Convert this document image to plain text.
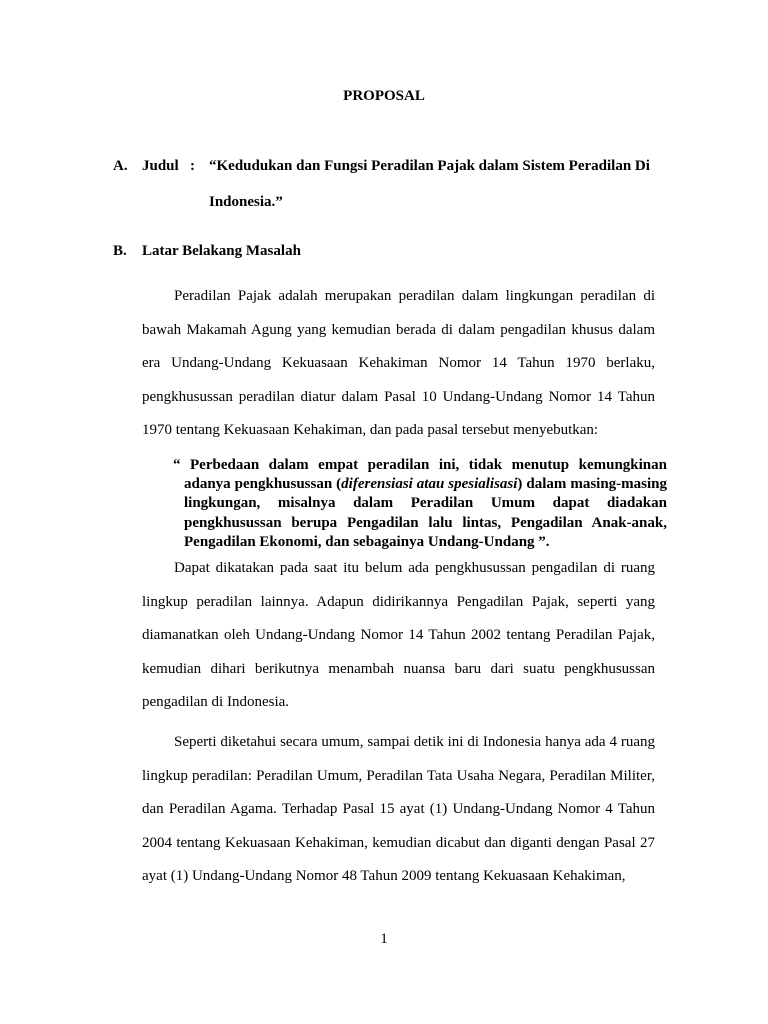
PROPOSAL
A. Judul : “Kedudukan dan Fungsi Peradilan Pajak dalam Sistem Peradilan Di
Indonesia.”
B. Latar Belakang Masalah

Peradilan Pajak adalah merupakan peradilan dalam lingkungan peradilan di bawah Makamah Agung yang kemudian berada di dalam pengadilan khusus dalam era Undang-Undang Kekuasaan Kehakiman Nomor 14 Tahun 1970 berlaku, pengkhusussan peradilan diatur dalam Pasal 10 Undang-Undang Nomor 14 Tahun 1970 tentang Kekuasaan Kehakiman, dan pada pasal tersebut menyebutkan:

“ Perbedaan dalam empat peradilan ini, tidak menutup kemungkinan adanya pengkhusussan (diferensiasi atau spesialisasi) dalam masing-masing lingkungan, misalnya dalam Peradilan Umum dapat diadakan pengkhusussan berupa Pengadilan lalu lintas, Pengadilan Anak-anak, Pengadilan Ekonomi, dan sebagainya Undang-Undang ”.

Dapat dikatakan pada saat itu belum ada pengkhusussan pengadilan di ruang lingkup peradilan lainnya. Adapun didirikannya Pengadilan Pajak, seperti yang diamanatkan oleh Undang-Undang Nomor 14 Tahun 2002 tentang Peradilan Pajak, kemudian dihari berikutnya menambah nuansa baru dari suatu pengkhusussan pengadilan di Indonesia.

Seperti diketahui secara umum, sampai detik ini di Indonesia hanya ada 4 ruang lingkup peradilan: Peradilan Umum, Peradilan Tata Usaha Negara, Peradilan Militer, dan Peradilan Agama. Terhadap Pasal 15 ayat (1) Undang-Undang Nomor 4 Tahun 2004 tentang Kekuasaan Kehakiman, kemudian dicabut dan diganti dengan Pasal 27 ayat (1) Undang-Undang Nomor 48 Tahun 2009 tentang Kekuasaan Kehakiman,

1
